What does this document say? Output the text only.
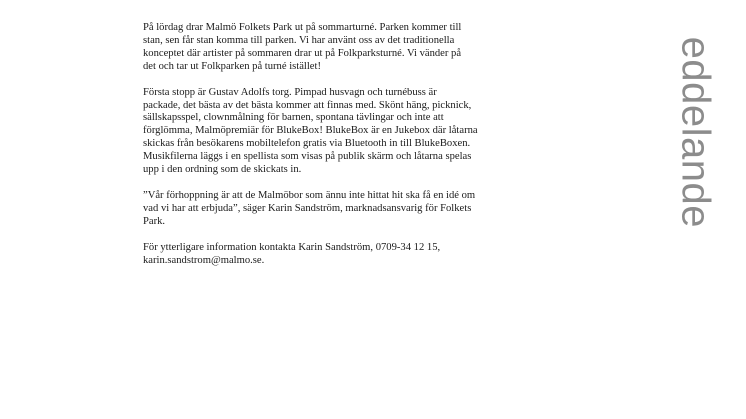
På lördag drar Malmö Folkets Park ut på sommarturné. Parken kommer till
stan, sen får stan komma till parken. Vi har använt oss av det traditionella
konceptet där artister på sommaren drar ut på Folkparksturné. Vi vänder på
det och tar ut Folkparken på turné istället!

Första stopp är Gustav Adolfs torg. Pimpad husvagn och turnébuss är
packade, det bästa av det bästa kommer att finnas med. Skönt häng, picknick,
sällskapsspel, clownmålning för barnen, spontana tävlingar och inte att
förglömma, Malmöpremiär för BlukeBox! BlukeBox är en Jukebox där låtarna
skickas från besökarens mobiltelefon gratis via Bluetooth in till BlukeBoxen.
Musikfilerna läggs i en spellista som visas på publik skärm och låtarna spelas
upp i den ordning som de skickats in.

”Vår förhoppning är att de Malmöbor som ännu inte hittat hit ska få en idé om
vad vi har att erbjuda”, säger Karin Sandström, marknadsansvarig för Folkets
Park.

För ytterligare information kontakta Karin Sandström, 0709-34 12 15,
karin.sandstrom@malmo.se.

eddelande
